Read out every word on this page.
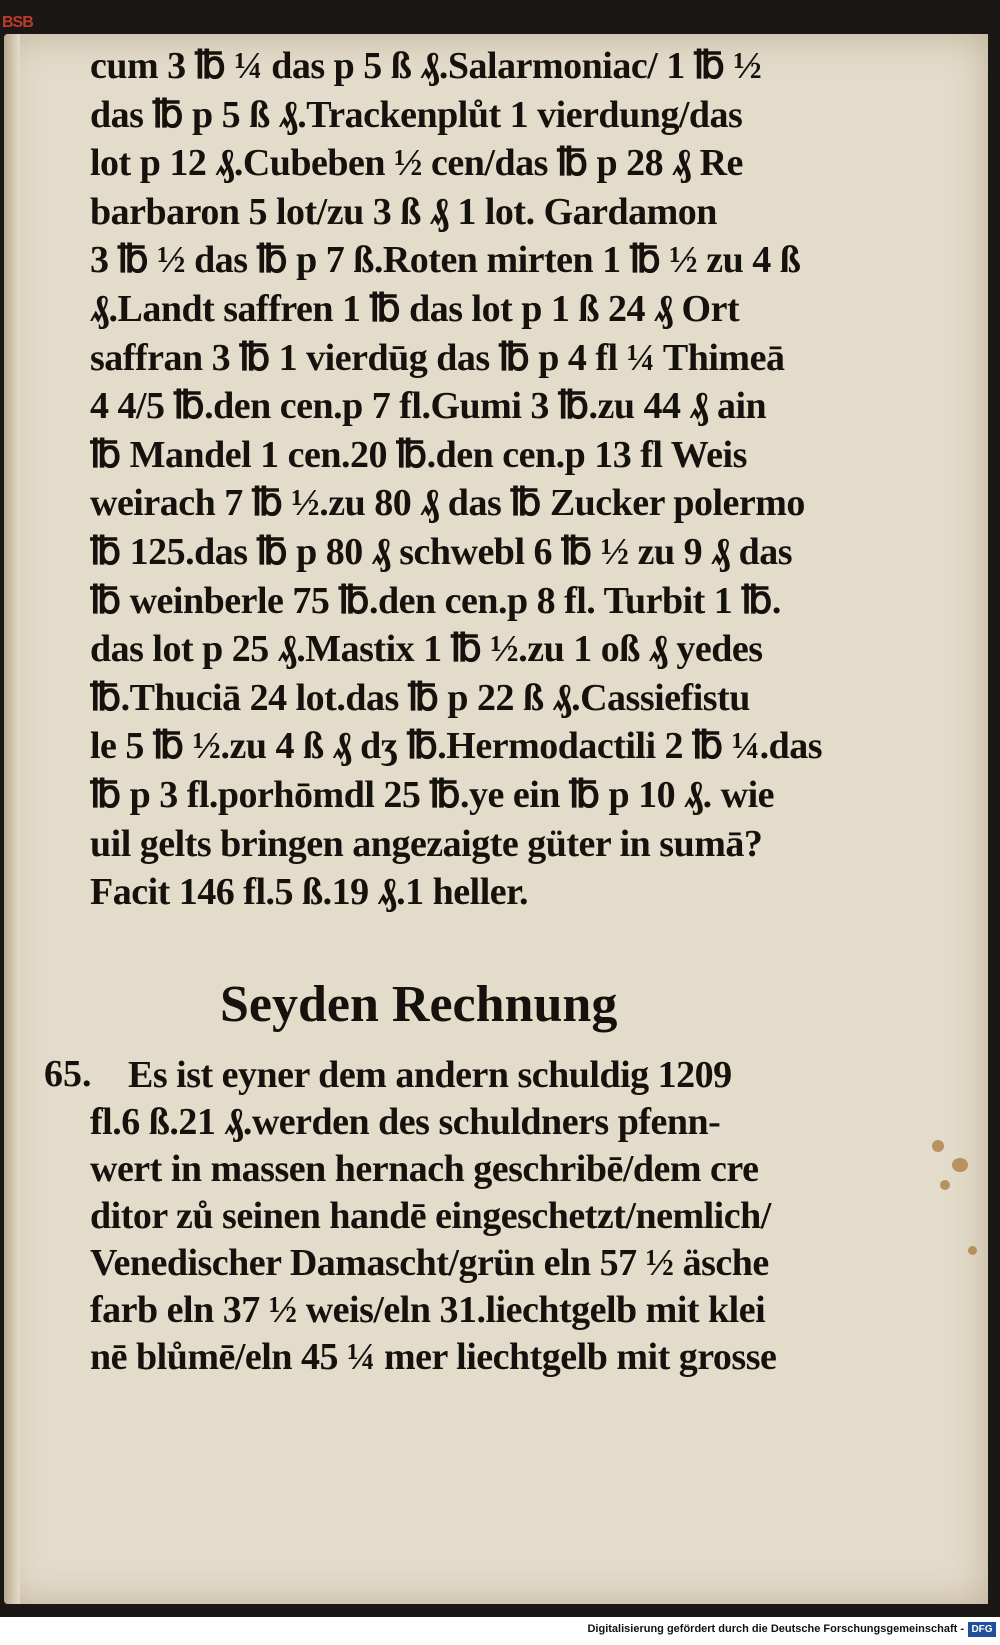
BSB
cum 3 ℔ ¼ das p 5 ß ₰.Salarmoniac/ 1 ℔ ½
das ℔ p 5 ß ₰.Trackenplůt 1 vierdung/das
lot p 12 ₰.Cubeben ½ cen/das ℔ p 28 ₰ Re
barbaron 5 lot/zu 3 ß ₰ 1 lot. Gardamon
3 ℔ ½ das ℔ p 7 ß.Roten mirten 1 ℔ ½ zu 4 ß
₰.Landt saffren 1 ℔ das lot p 1 ß 24 ₰ Ort
saffran 3 ℔ 1 vierdūg das ℔ p 4 fl ¼ Thimeā
4 4/5 ℔.den cen.p 7 fl.Gumi 3 ℔.zu 44 ₰ ain
℔ Mandel 1 cen.20 ℔.den cen.p 13 fl Weis
weirach 7 ℔ ½.zu 80 ₰ das ℔ Zucker polermo
℔ 125.das ℔ p 80 ₰ schwebl 6 ℔ ½ zu 9 ₰ das
℔ weinberle 75 ℔.den cen.p 8 fl. Turbit 1 ℔.
das lot p 25 ₰.Mastix 1 ℔ ½.zu 1 oß ₰ yedes
℔.Thuciā 24 lot.das ℔ p 22 ß ₰.Cassiefistu
le 5 ℔ ½.zu 4 ß ₰ dʒ ℔.Hermodactili 2 ℔ ¼.das
℔ p 3 fl.porhōmdl 25 ℔.ye ein ℔ p 10 ₰. wie
uil gelts bringen angezaigte güter in sumā?
Facit 146 fl.5 ß.19 ₰.1 heller.
Seyden Rechnung
65. Es ist eyner dem andern schuldig 1209
fl.6 ß.21 ₰.werden des schuldners pfenn-
wert in massen hernach geschribē/dem cre
ditor zů seinen handē eingeschetzt/nemlich/
Venedischer Damascht/grün eln 57 ½ äsche
farb eln 37 ½ weis/eln 31.liechtgelb mit klei
nē blůmē/eln 45 ¼ mer liechtgelb mit grosse
Digitalisierung gefördert durch die Deutsche Forschungsgemeinschaft - DFG
